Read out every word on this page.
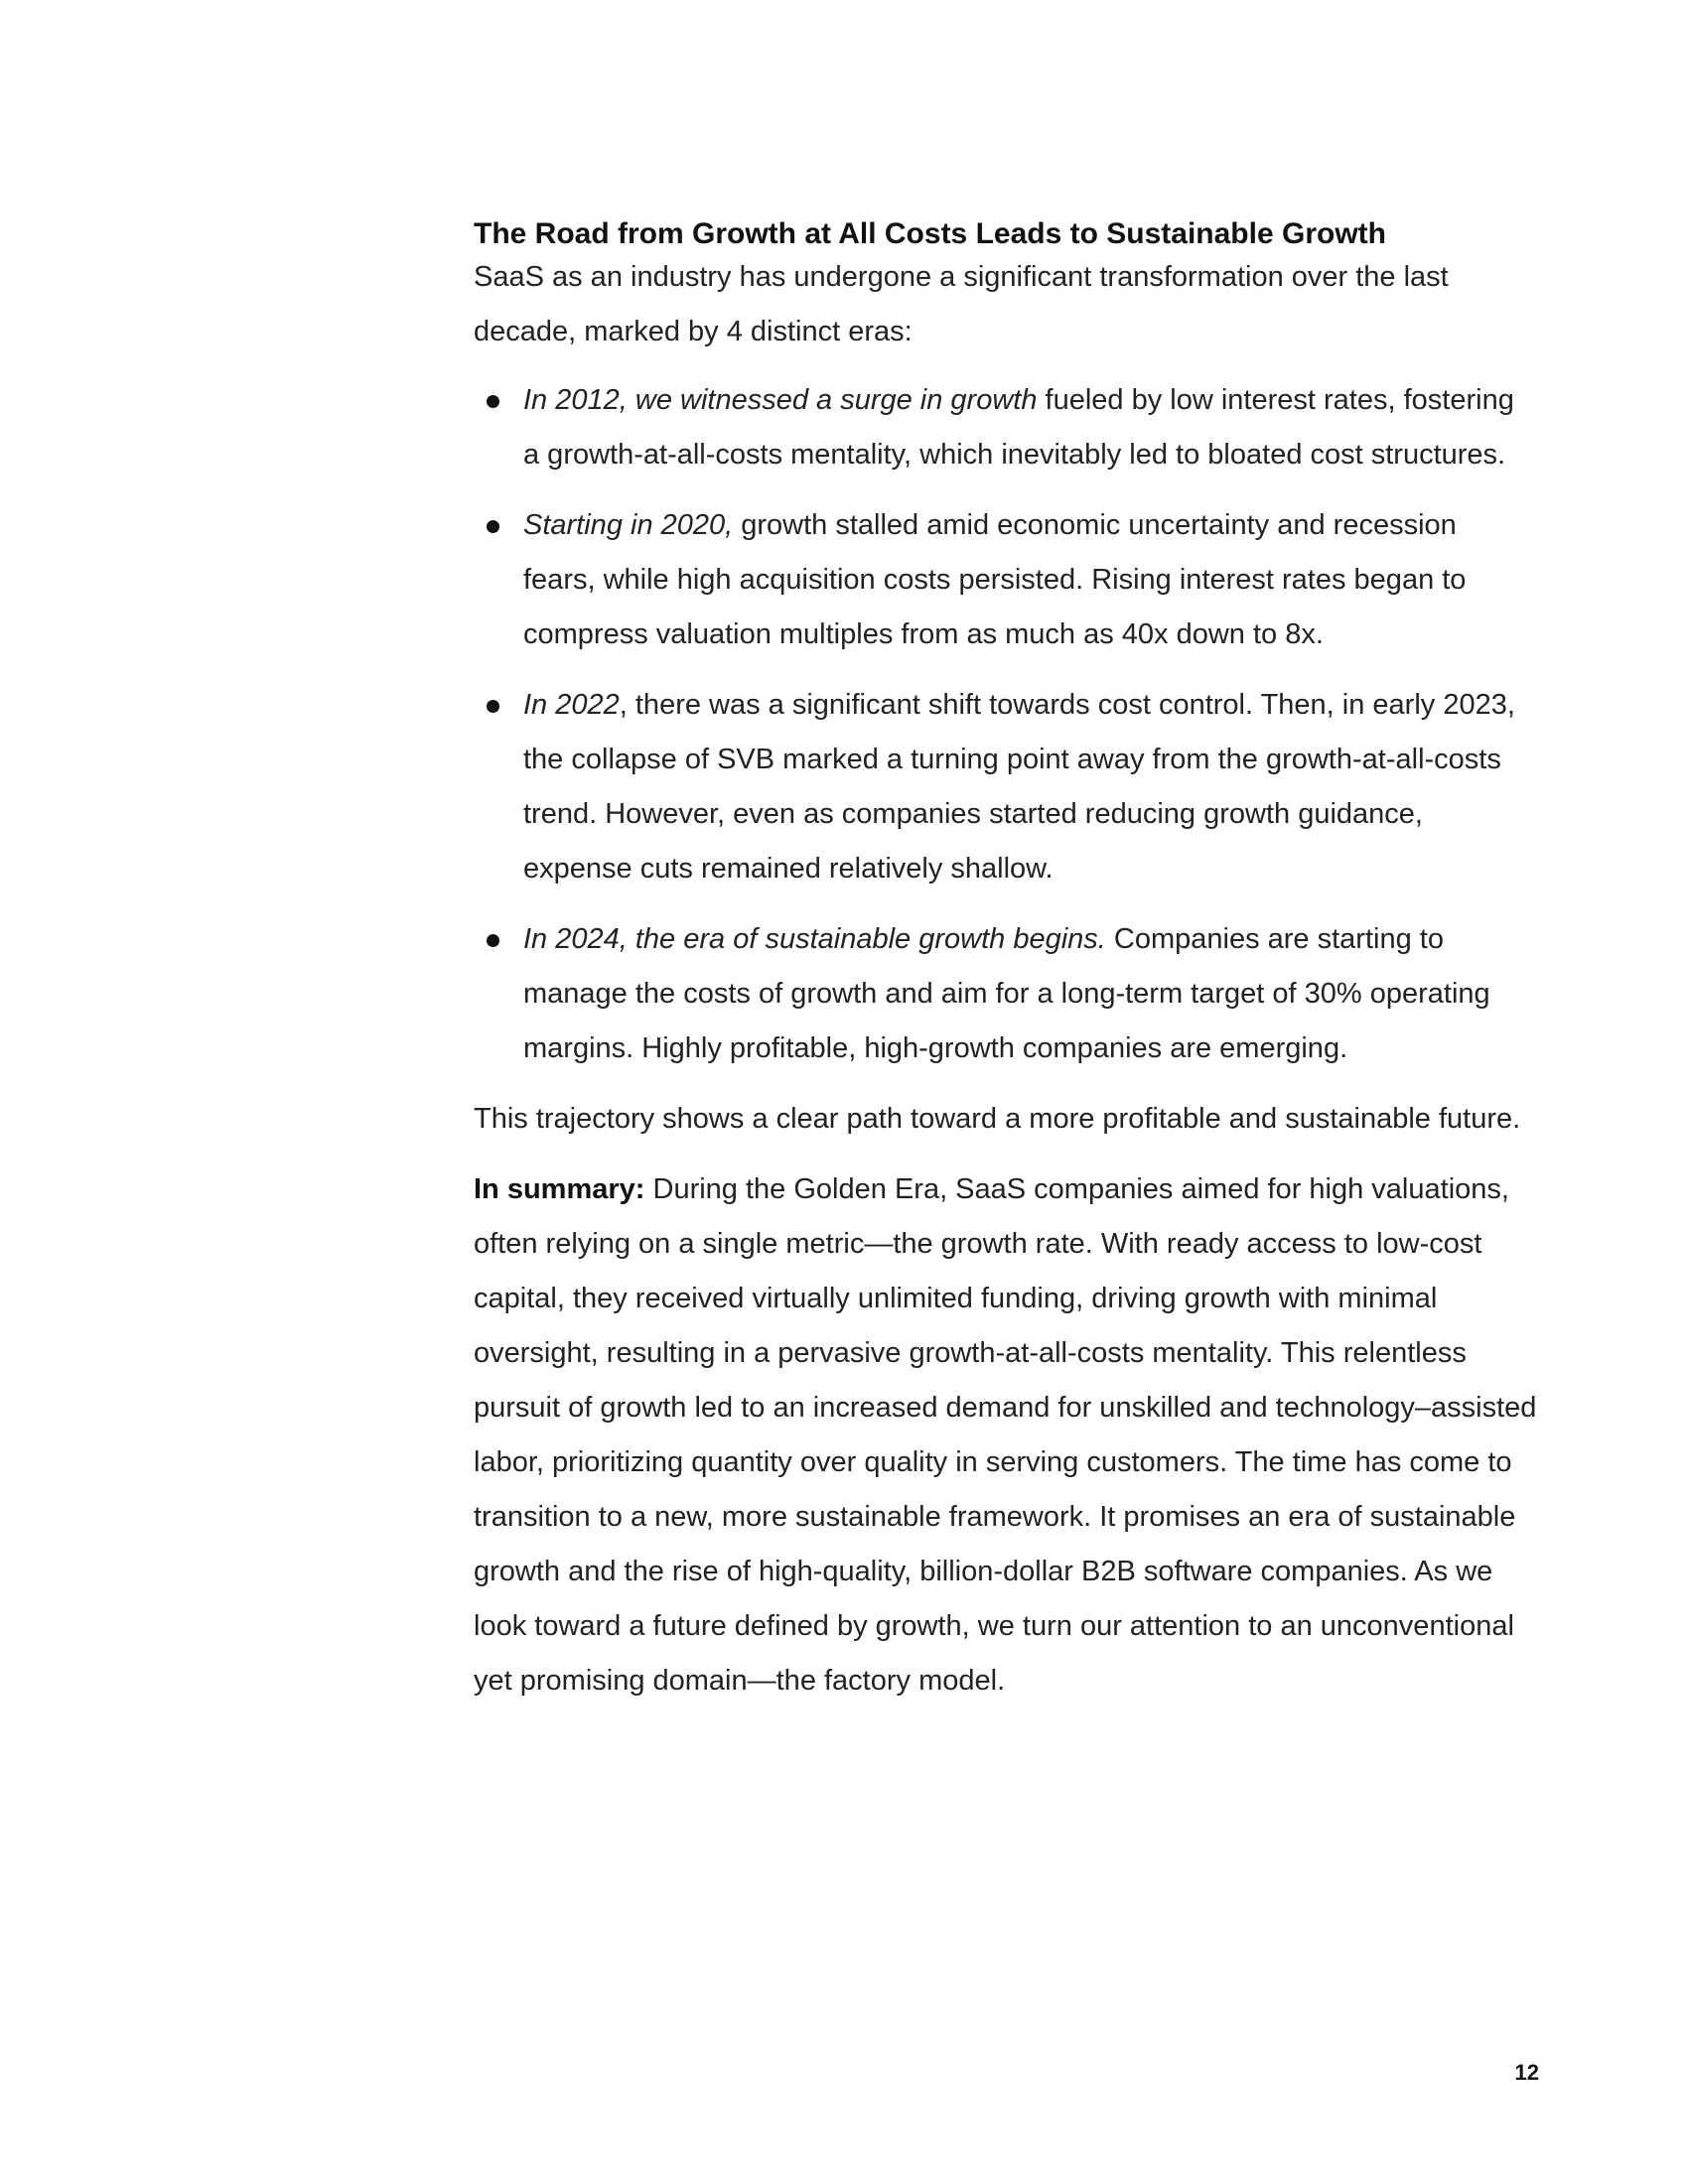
The Road from Growth at All Costs Leads to Sustainable Growth

SaaS as an industry has undergone a significant transformation over the last decade, marked by 4 distinct eras:

In 2012, we witnessed a surge in growth fueled by low interest rates, fostering a growth-at-all-costs mentality, which inevitably led to bloated cost structures.
Starting in 2020, growth stalled amid economic uncertainty and recession fears, while high acquisition costs persisted. Rising interest rates began to compress valuation multiples from as much as 40x down to 8x.
In 2022, there was a significant shift towards cost control. Then, in early 2023, the collapse of SVB marked a turning point away from the growth-at-all-costs trend. However, even as companies started reducing growth guidance, expense cuts remained relatively shallow.
In 2024, the era of sustainable growth begins. Companies are starting to manage the costs of growth and aim for a long-term target of 30% operating margins. Highly profitable, high-growth companies are emerging.

This trajectory shows a clear path toward a more profitable and sustainable future.

In summary: During the Golden Era, SaaS companies aimed for high valuations, often relying on a single metric—the growth rate. With ready access to low-cost capital, they received virtually unlimited funding, driving growth with minimal oversight, resulting in a pervasive growth-at-all-costs mentality. This relentless pursuit of growth led to an increased demand for unskilled and technology–assisted labor, prioritizing quantity over quality in serving customers. The time has come to transition to a new, more sustainable framework. It promises an era of sustainable growth and the rise of high-quality, billion-dollar B2B software companies. As we look toward a future defined by growth, we turn our attention to an unconventional yet promising domain—the factory model.

12
